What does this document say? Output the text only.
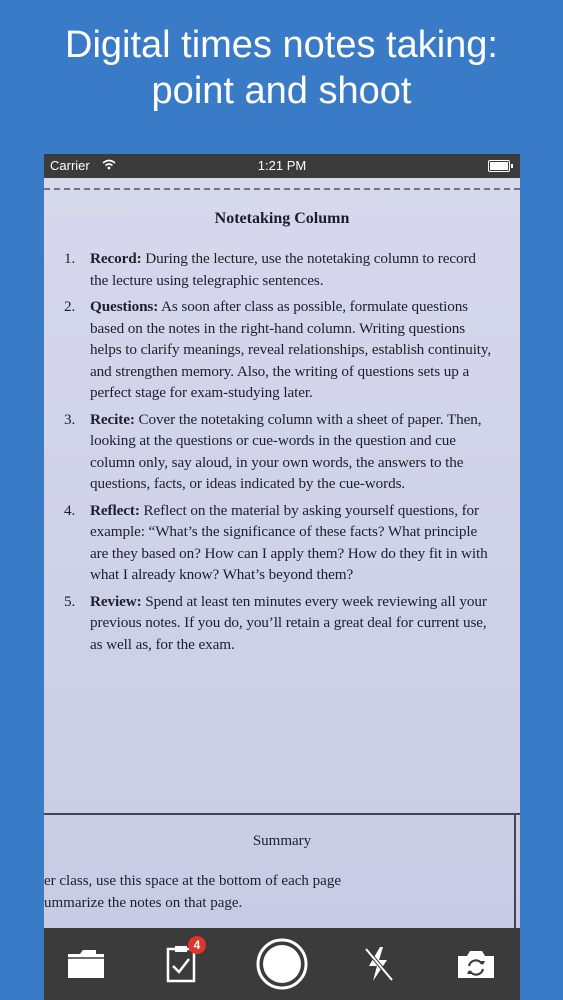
Digital times notes taking:
point and shoot
Carrier	1:21 PM
Notetaking Column
1. Record: During the lecture, use the notetaking column to record the lecture using telegraphic sentences.
2. Questions: As soon after class as possible, formulate questions based on the notes in the right-hand column. Writing questions helps to clarify meanings, reveal relationships, establish continuity, and strengthen memory. Also, the writing of questions sets up a perfect stage for exam-studying later.
3. Recite: Cover the notetaking column with a sheet of paper. Then, looking at the questions or cue-words in the question and cue column only, say aloud, in your own words, the answers to the questions, facts, or ideas indicated by the cue-words.
4. Reflect: Reflect on the material by asking yourself questions, for example: “What’s the significance of these facts? What principle are they based on? How can I apply them? How do they fit in with what I already know? What’s beyond them?
5. Review: Spend at least ten minutes every week reviewing all your previous notes. If you do, you’ll retain a great deal for current use, as well as, for the exam.
Summary
er class, use this space at the bottom of each page
ummarize the notes on that page.
4
